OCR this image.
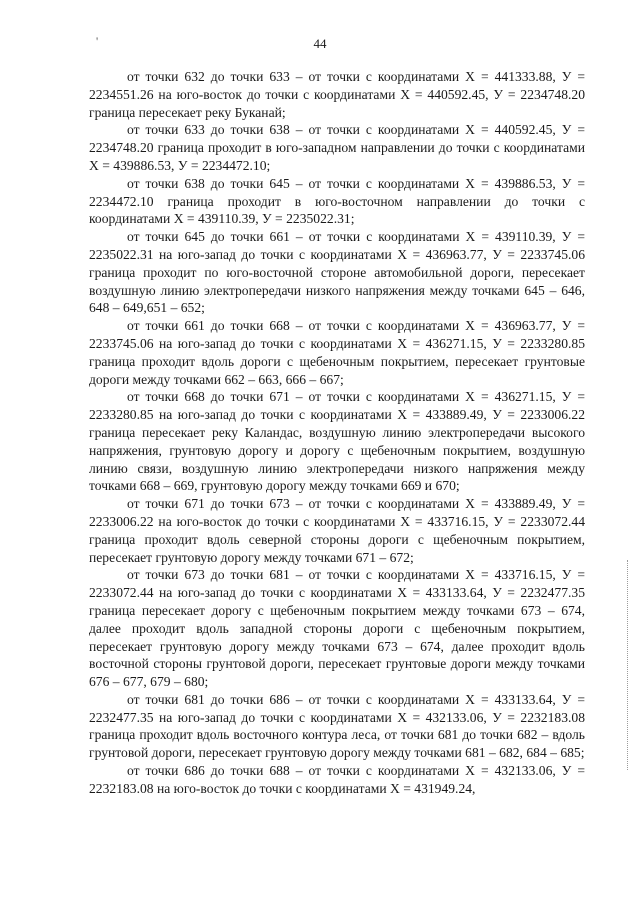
'	44

от точки 632 до точки 633 – от точки с координатами Х = 441333.88, У = 2234551.26 на юго-восток до точки с координатами Х = 440592.45, У = 2234748.20 граница пересекает реку Буканай;

от точки 633 до точки 638 – от точки с координатами Х = 440592.45, У = 2234748.20 граница проходит в юго-западном направлении до точки с координатами Х = 439886.53, У = 2234472.10;

от точки 638 до точки 645 – от точки с координатами Х = 439886.53, У = 2234472.10 граница проходит в юго-восточном направлении до точки с координатами Х = 439110.39, У = 2235022.31;

от точки 645 до точки 661 – от точки с координатами Х = 439110.39, У = 2235022.31 на юго-запад до точки с координатами Х = 436963.77, У = 2233745.06 граница проходит по юго-восточной стороне автомобильной дороги, пересекает воздушную линию электропередачи низкого напряжения между точками 645 – 646, 648 – 649,651 – 652;

от точки 661 до точки 668 – от точки с координатами Х = 436963.77, У = 2233745.06 на юго-запад до точки с координатами Х = 436271.15, У = 2233280.85 граница проходит вдоль дороги с щебеночным покрытием, пересекает грунтовые дороги между точками 662 – 663, 666 – 667;

от точки 668 до точки 671 – от точки с координатами Х = 436271.15, У = 2233280.85 на юго-запад до точки с координатами Х = 433889.49, У = 2233006.22 граница пересекает реку Каландас, воздушную линию электропередачи высокого напряжения, грунтовую дорогу и дорогу с щебеночным покрытием, воздушную линию связи, воздушную линию электропередачи низкого напряжения между точками 668 – 669, грунтовую дорогу между точками 669 и 670;

от точки 671 до точки 673 – от точки с координатами Х = 433889.49, У = 2233006.22 на юго-восток до точки с координатами Х = 433716.15, У = 2233072.44 граница проходит вдоль северной стороны дороги с щебеночным покрытием, пересекает грунтовую дорогу между точками 671 – 672;

от точки 673 до точки 681 – от точки с координатами Х = 433716.15, У = 2233072.44 на юго-запад до точки с координатами Х = 433133.64, У = 2232477.35 граница пересекает дорогу с щебеночным покрытием между точками 673 – 674, далее проходит вдоль западной стороны дороги с щебеночным покрытием, пересекает грунтовую дорогу между точками 673 – 674, далее проходит вдоль восточной стороны грунтовой дороги, пересекает грунтовые дороги между точками 676 – 677, 679 – 680;

от точки 681 до точки 686 – от точки с координатами Х = 433133.64, У = 2232477.35 на юго-запад до точки с координатами Х = 432133.06, У = 2232183.08 граница проходит вдоль восточного контура леса, от точки 681 до точки 682 – вдоль грунтовой дороги, пересекает грунтовую дорогу между точками 681 – 682, 684 – 685;

от точки 686 до точки 688 – от точки с координатами Х = 432133.06, У = 2232183.08 на юго-восток до точки с координатами Х = 431949.24,
